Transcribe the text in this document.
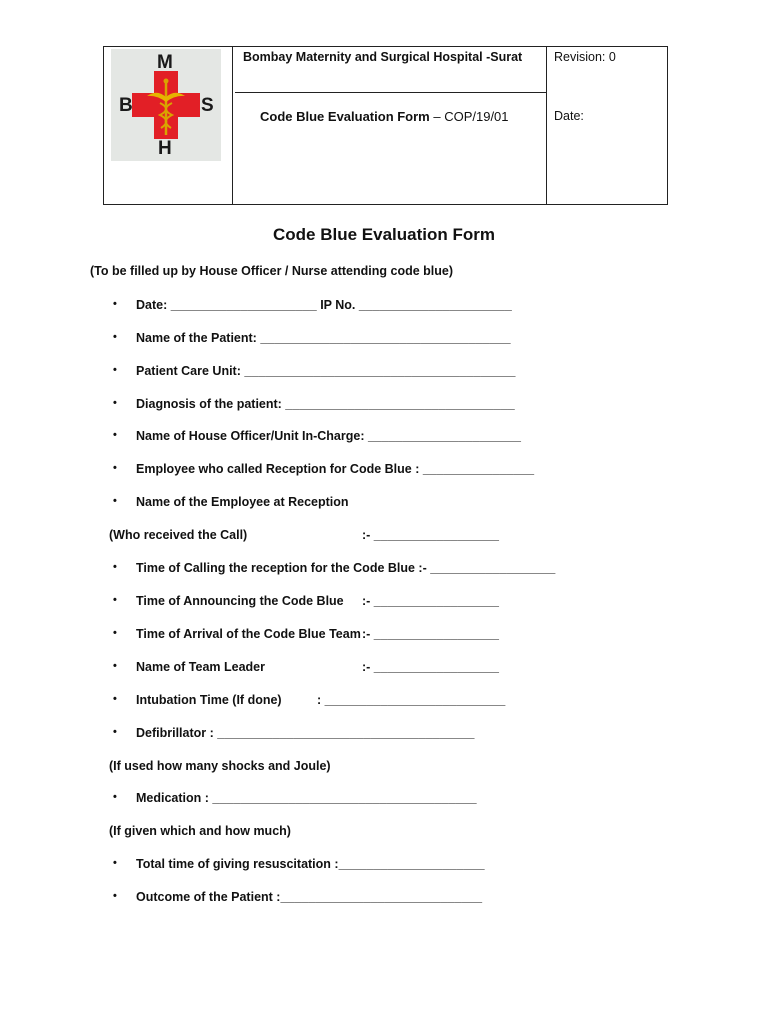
M
B	S
H
Bombay Maternity and Surgical Hospital -Surat
Code Blue Evaluation Form – COP/19/01
Revision: 0
Date:
Code Blue Evaluation Form
(To be filled up by House Officer / Nurse attending code blue)
• Date: _____________________ IP No. ______________________
• Name of the Patient: ____________________________________
• Patient Care Unit: _______________________________________
• Diagnosis of the patient: _________________________________
• Name of House Officer/Unit In-Charge: ______________________
• Employee who called Reception for Code Blue : ________________
• Name of the Employee at Reception
(Who received the Call)	:- __________________
• Time of Calling the reception for the Code Blue :- __________________
• Time of Announcing the Code Blue :- __________________
• Time of Arrival of the Code Blue Team :- __________________
• Name of Team Leader	:- __________________
• Intubation Time (If done)	: __________________________
• Defibrillator : _____________________________________
(If used how many shocks and Joule)
• Medication : ______________________________________
(If given which and how much)
• Total time of giving resuscitation :_____________________
• Outcome of the Patient :_____________________________
